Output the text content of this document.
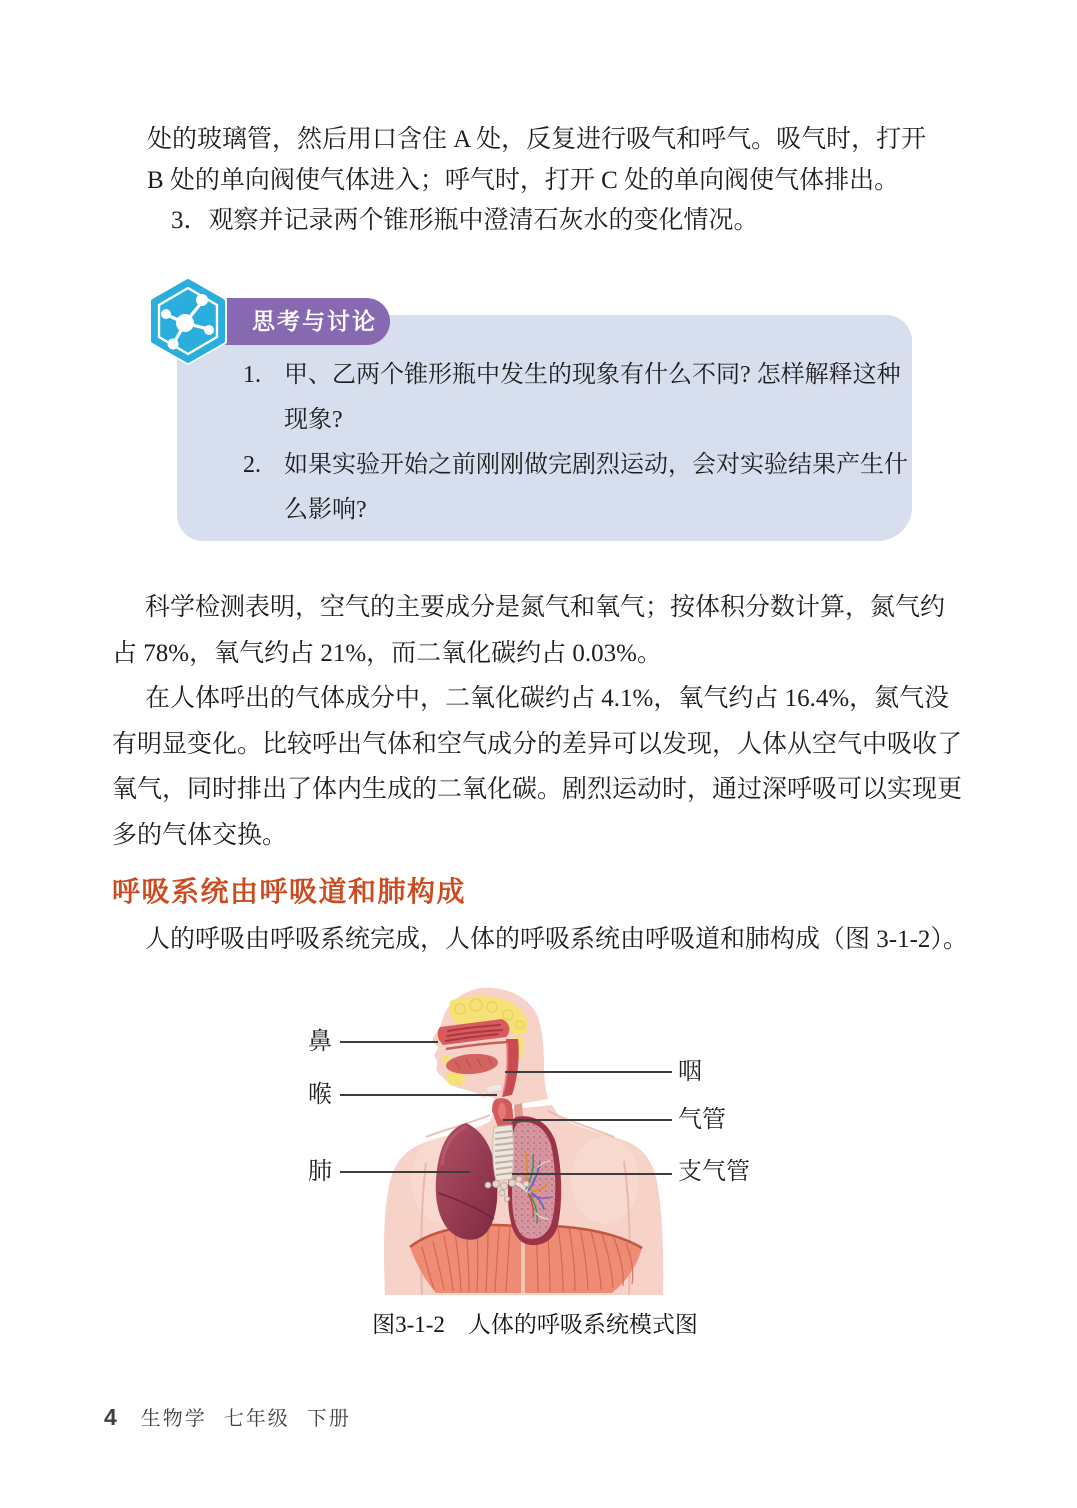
处的玻璃管，然后用口含住 A 处，反复进行吸气和呼气。吸气时，打开
B 处的单向阀使气体进入；呼气时，打开 C 处的单向阀使气体排出。
3．观察并记录两个锥形瓶中澄清石灰水的变化情况。
思考与讨论
1. 甲、乙两个锥形瓶中发生的现象有什么不同? 怎样解释这种
现象?
2. 如果实验开始之前刚刚做完剧烈运动，会对实验结果产生什
么影响?
科学检测表明，空气的主要成分是氮气和氧气；按体积分数计算，氮气约
占 78%，氧气约占 21%，而二氧化碳约占 0.03%。
在人体呼出的气体成分中，二氧化碳约占 4.1%，氧气约占 16.4%，氮气没
有明显变化。比较呼出气体和空气成分的差异可以发现，人体从空气中吸收了
氧气，同时排出了体内生成的二氧化碳。剧烈运动时，通过深呼吸可以实现更
多的气体交换。
呼吸系统由呼吸道和肺构成
人的呼吸由呼吸系统完成，人体的呼吸系统由呼吸道和肺构成（图 3-1-2）。
鼻
喉
肺
咽
气管
支气管
图3-1-2　人体的呼吸系统模式图
4 生物学 七年级 下册
